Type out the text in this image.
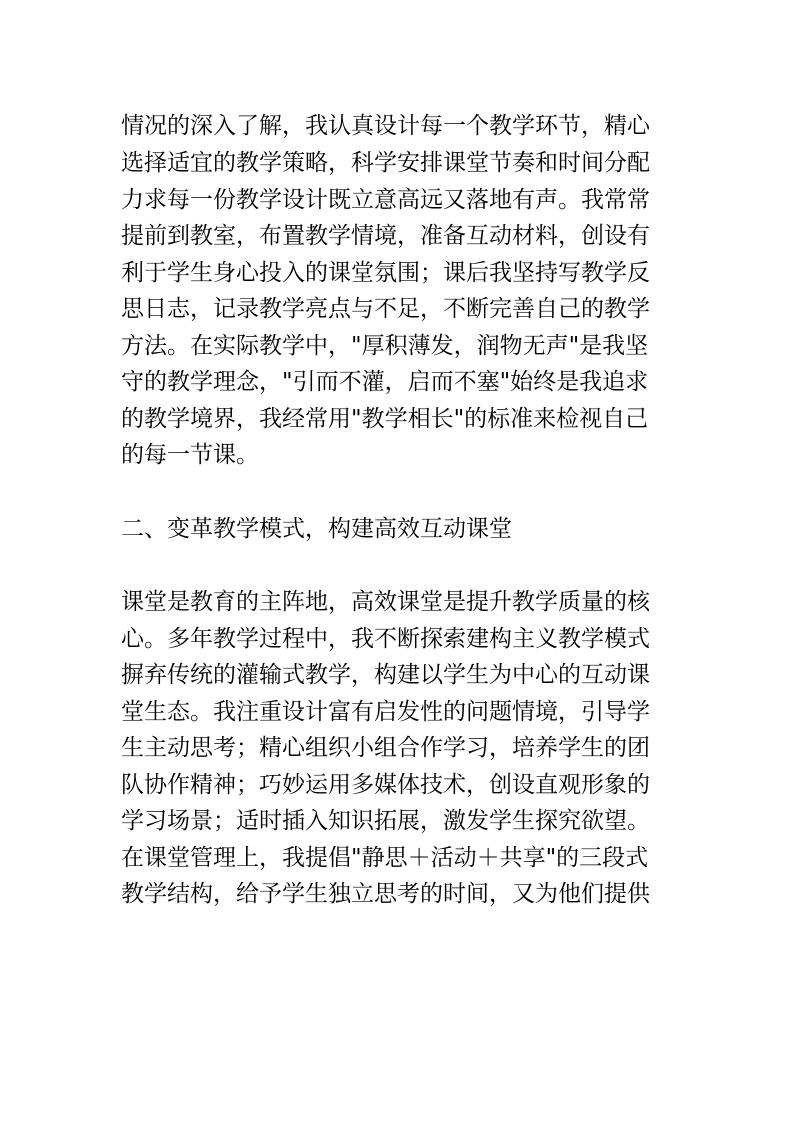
情况的深入了解，我认真设计每一个教学环节，精心
选择适宜的教学策略，科学安排课堂节奏和时间分配
力求每一份教学设计既立意高远又落地有声。我常常
提前到教室，布置教学情境，准备互动材料，创设有
利于学生身心投入的课堂氛围；课后我坚持写教学反
思日志，记录教学亮点与不足，不断完善自己的教学
方法。在实际教学中，"厚积薄发，润物无声"是我坚
守的教学理念，"引而不灌，启而不塞"始终是我追求
的教学境界，我经常用"教学相长"的标准来检视自己
的每一节课。
二、变革教学模式，构建高效互动课堂
课堂是教育的主阵地，高效课堂是提升教学质量的核
心。多年教学过程中，我不断探索建构主义教学模式
摒弃传统的灌输式教学，构建以学生为中心的互动课
堂生态。我注重设计富有启发性的问题情境，引导学
生主动思考；精心组织小组合作学习，培养学生的团
队协作精神；巧妙运用多媒体技术，创设直观形象的
学习场景；适时插入知识拓展，激发学生探究欲望。
在课堂管理上，我提倡"静思＋活动＋共享"的三段式
教学结构，给予学生独立思考的时间，又为他们提供
